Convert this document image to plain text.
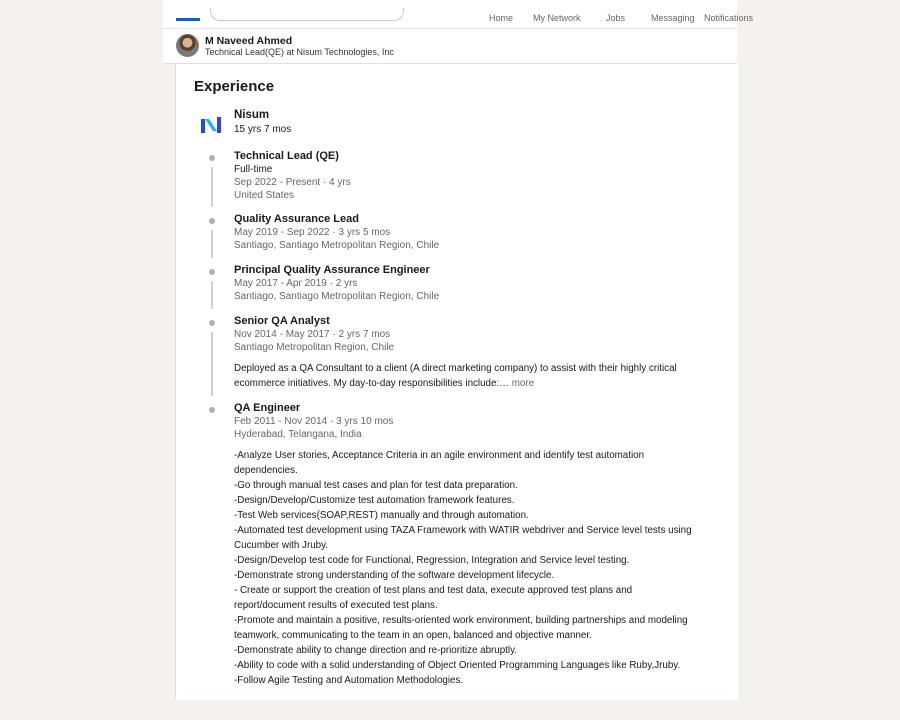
Home My Network	Jobs	Messaging Notifications
M Naveed Ahmed
Technical Lead(QE) at Nisum Technologies, Inc
Experience
Nisum
15 yrs 7 mos
Technical Lead (QE)
Full-time
Sep 2022 - Present · 4 yrs
United States
Quality Assurance Lead
May 2019 - Sep 2022 · 3 yrs 5 mos
Santiago, Santiago Metropolitan Region, Chile
Principal Quality Assurance Engineer
May 2017 - Apr 2019 · 2 yrs
Santiago, Santiago Metropolitan Region, Chile
Senior QA Analyst
Nov 2014 - May 2017 · 2 yrs 7 mos
Santiago Metropolitan Region, Chile
Deployed as a QA Consultant to a client (A direct marketing company) to assist with their highly critical ecommerce initiatives. My day-to-day responsibilities include:… more
QA Engineer
Feb 2011 - Nov 2014 · 3 yrs 10 mos
Hyderabad, Telangana, India
-Analyze User stories, Acceptance Criteria in an agile environment and identify test automation
dependencies.
-Go through manual test cases and plan for test data preparation.
-Design/Develop/Customize test automation framework features.
-Test Web services(SOAP,REST) manually and through automation.
-Automated test development using TAZA Framework with WATIR webdriver and Service level tests using
Cucumber with Jruby.
-Design/Develop test code for Functional, Regression, Integration and Service level testing.
-Demonstrate strong understanding of the software development lifecycle.
- Create or support the creation of test plans and test data, execute approved test plans and
report/document results of executed test plans.
-Promote and maintain a positive, results-oriented work environment, building partnerships and modeling
teamwork, communicating to the team in an open, balanced and objective manner.
-Demonstrate ability to change direction and re-prioritize abruptly.
-Ability to code with a solid understanding of Object Oriented Programming Languages like Ruby,Jruby.
-Follow Agile Testing and Automation Methodologies.
